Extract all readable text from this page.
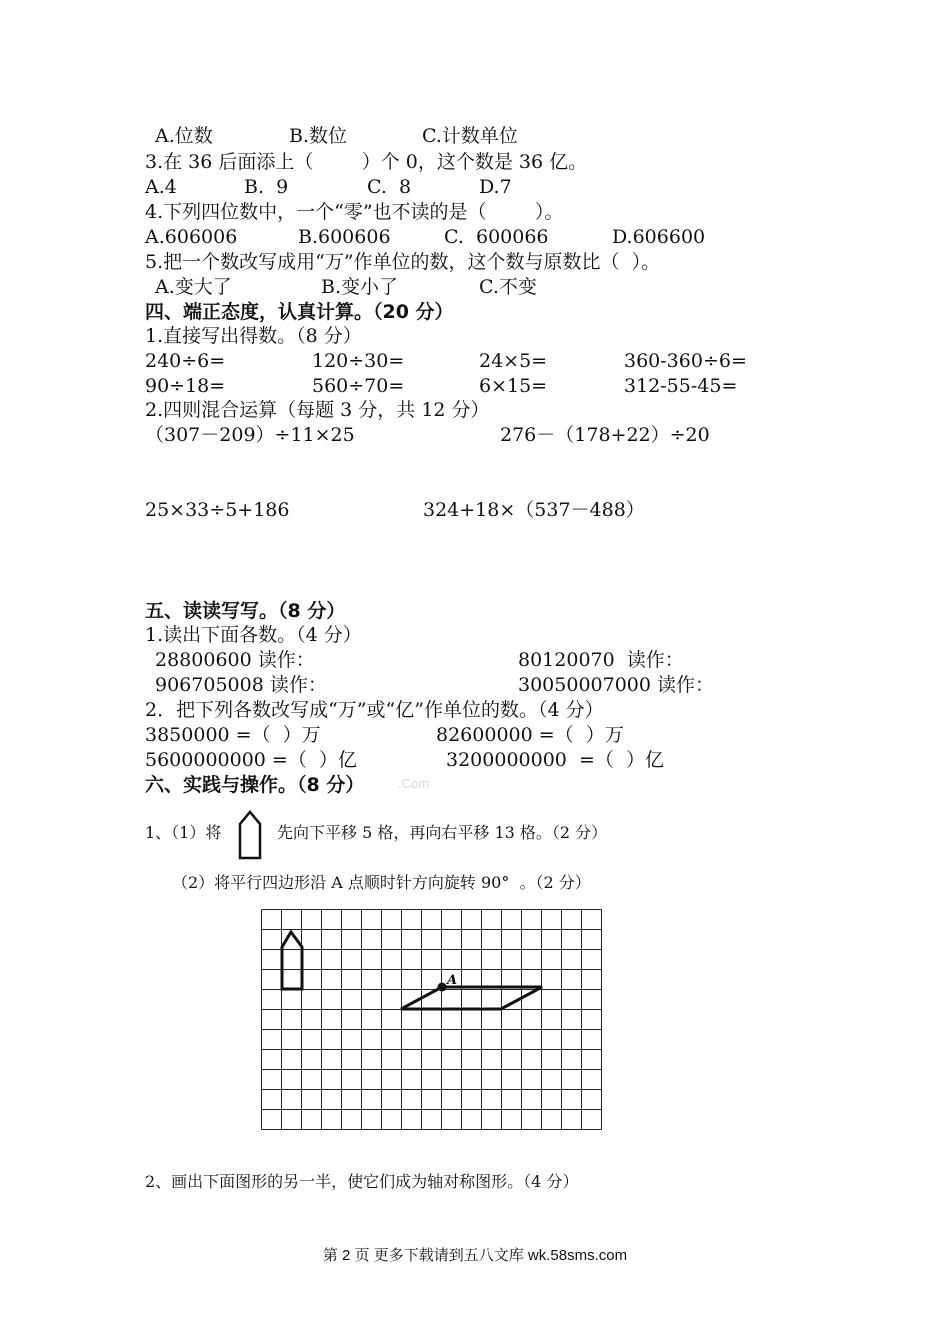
A.位数	B.数位	C.计数单位
3.在 36 后面添上（        ）个 0，这个数是 36 亿。
A.4	B.  9	C.  8	D.7
4.下列四位数中，一个“零”也不读的是（        ）。
A.606006	B.600606	C.  600066	D.606600
5.把一个数改写成用“万”作单位的数，这个数与原数比（  ）。
A.变大了	B.变小了	C.不变
四、端正态度，认真计算。（20 分）
1.直接写出得数。（8 分）
240÷6=	120÷30=	24×5=	360-360÷6=
90÷18=	560÷70=	6×15=	312-55-45=
2.四则混合运算（每题 3 分，共 12 分）
（307－209）÷11×25	276－（178+22）÷20
25×33÷5+186	324+18×（537－488）
五、读读写写。（8 分）
1.读出下面各数。（4 分）
28800600 读作：	80120070  读作：
906705008 读作：	30050007000 读作：
2．把下列各数改写成“万”或“亿”作单位的数。（4 分）
3850000 =（  ）万	82600000 =（  ）万
5600000000 =（  ）亿	3200000000  =（  ）亿
六、实践与操作。（8 分）	.Com
1、（1）将	先向下平移 5 格，再向右平移 13 格。（2 分）
（2）将平行四边形沿 A 点顺时针方向旋转 90°  。（2 分）
A
2、画出下面图形的另一半，使它们成为轴对称图形。（4 分）
第 2 页 更多下载请到五八文库 wk.58sms.com
